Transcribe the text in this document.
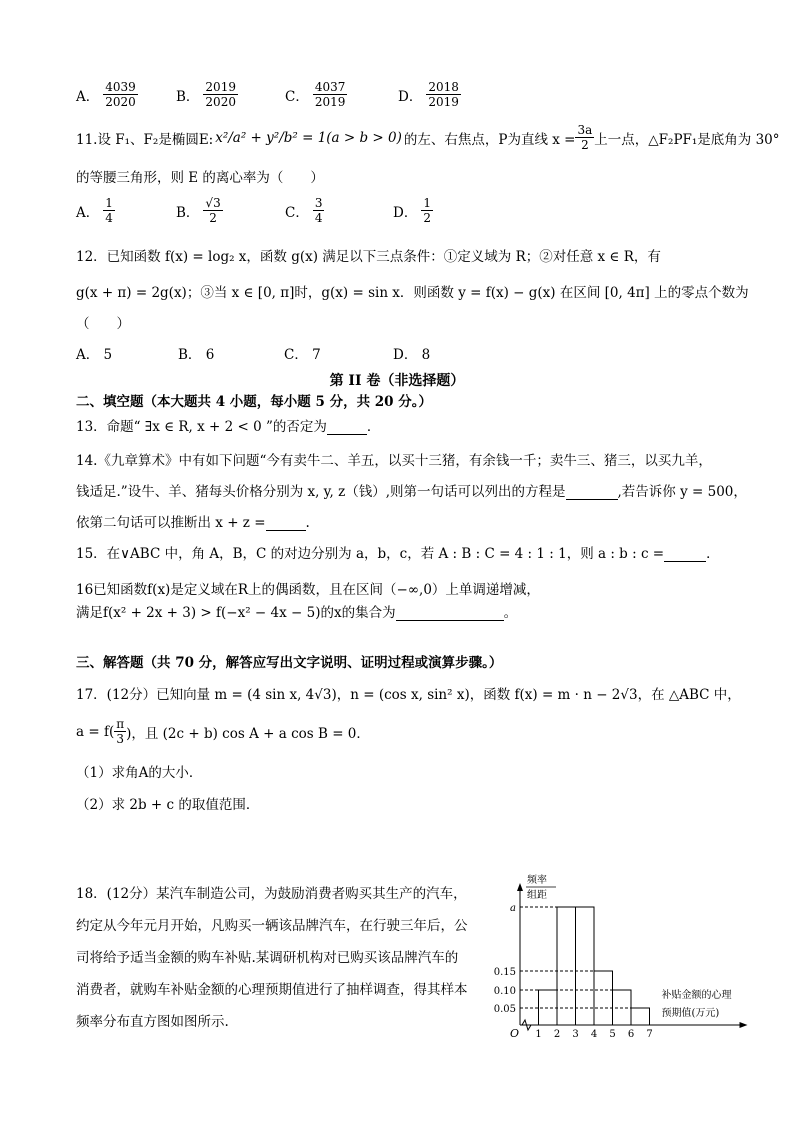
A． $\frac{4039}{2020}$	B． $\frac{2019}{2020}$	C． $\frac{4037}{2019}$	D． $\frac{2018}{2019}$
11.设 F₁、F₂是椭圆E: x²/a² + y²/b² = 1(a > b > 0) 的左、右焦点，P为直线 $x = \frac{3a}{2}$ 上一点，△F₂PF₁是底角为 30°
的等腰三角形，则 E 的离心率为（　　）
A． $\frac{1}{4}$	B． $\frac{√3}{2}$	C． $\frac{3}{4}$	D． $\frac{1}{2}$
12．已知函数 f(x) = log₂ x，函数 g(x) 满足以下三点条件：①定义域为 R；②对任意 x ∈ R，有
g(x + π) = 2g(x)；③当 x ∈ [0, π]时，g(x) = sin x．则函数 y = f(x) − g(x) 在区间 [0, 4π] 上的零点个数为
（　　）
A． 5	B． 6	C． 7	D． 8
第 II 卷（非选择题）
二、填空题（本大题共 4 小题，每小题 5 分，共 20 分。）
13．命题“ ∃x ∈ R, x + 2 < 0 ”的否定为	．
14.《九章算术》中有如下问题“今有卖牛二、羊五，以买十三猪，有余钱一千；卖牛三、猪三，以买九羊，
钱适足.”设牛、羊、猪每头价格分别为 x, y, z（钱）,则第一句话可以列出的方程是	,若告诉你 y = 500，
依第二句话可以推断出 x + z =	.
15．在∨ABC 中，角 A，B，C 的对边分别为 a，b，c，若 A : B : C = 4 : 1 : 1，则 a : b : c =	．
16已知函数f(x)是定义域在R上的偶函数，且在区间（−∞,0）上单调递增减，
满足f(x² + 2x + 3) > f(−x² − 4x − 5)的x的集合为	。
三、解答题（共 70 分，解答应写出文字说明、证明过程或演算步骤。）
17．(12分）已知向量 m = (4 sin x, 4√3)，n = (cos x, sin² x)，函数 f(x) = m · n − 2√3，在 △ABC 中，
$a = f( \frac{\pi}{3}$ )，且 (2c + b) cos A + a cos B = 0．
（1）求角A的大小．
（2）求 2b + c 的取值范围．
18．(12分）某汽车制造公司，为鼓励消费者购买其生产的汽车，
约定从今年元月开始，凡购买一辆该品牌汽车，在行驶三年后，公
司将给予适当金额的购车补贴.某调研机构对已购买该品牌汽车的
消费者，就购车补贴金额的心理预期值进行了抽样调查，得其样本
频率分布直方图如图所示.
a
0.15
0.10
0.05
1 2 3 4 5 6 7
O
频率
组距
补贴金额的心理
预期值(万元)
